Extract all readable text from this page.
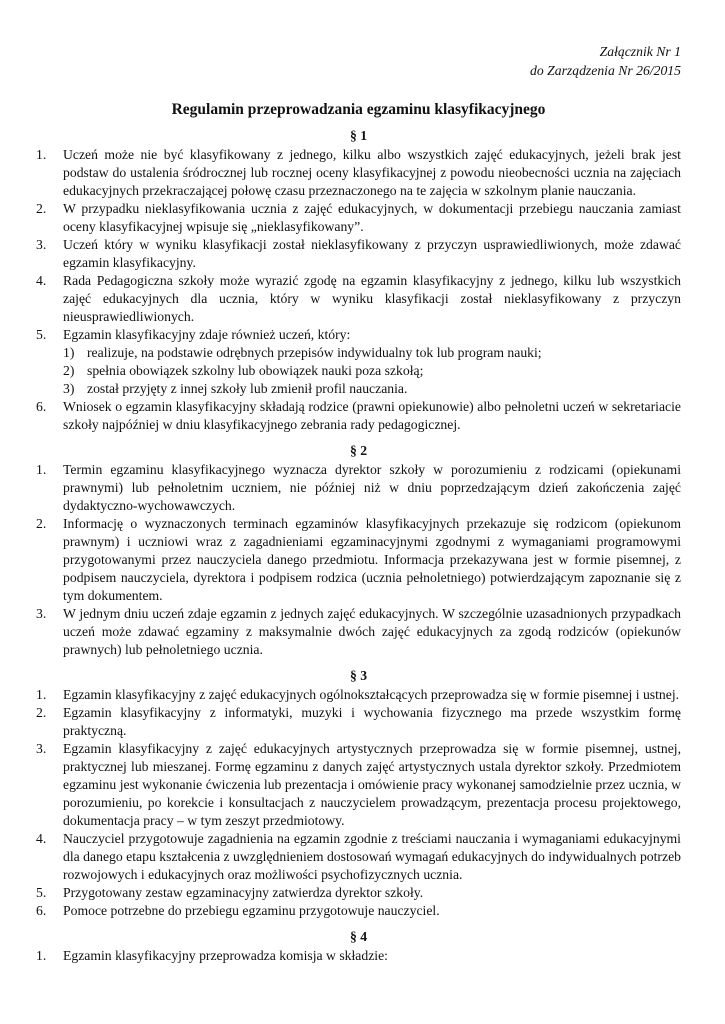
Załącznik Nr 1
do Zarządzenia Nr 26/2015
Regulamin przeprowadzania egzaminu klasyfikacyjnego
§ 1
1. Uczeń może nie być klasyfikowany z jednego, kilku albo wszystkich zajęć edukacyjnych, jeżeli brak jest podstaw do ustalenia śródrocznej lub rocznej oceny klasyfikacyjnej z powodu nieobecności ucznia na zajęciach edukacyjnych przekraczającej połowę czasu przeznaczonego na te zajęcia w szkolnym planie nauczania.
2. W przypadku nieklasyfikowania ucznia z zajęć edukacyjnych, w dokumentacji przebiegu nauczania zamiast oceny klasyfikacyjnej wpisuje się „nieklasyfikowany”.
3. Uczeń który w wyniku klasyfikacji został nieklasyfikowany z przyczyn usprawiedliwionych, może zdawać egzamin klasyfikacyjny.
4. Rada Pedagogiczna szkoły może wyrazić zgodę na egzamin klasyfikacyjny z jednego, kilku lub wszystkich zajęć edukacyjnych dla ucznia, który w wyniku klasyfikacji został nieklasyfikowany z przyczyn nieusprawiedliwionych.
5. Egzamin klasyfikacyjny zdaje również uczeń, który:
1) realizuje, na podstawie odrębnych przepisów indywidualny tok lub program nauki;
2) spełnia obowiązek szkolny lub obowiązek nauki poza szkołą;
3) został przyjęty z innej szkoły lub zmienił profil nauczania.
6. Wniosek o egzamin klasyfikacyjny składają rodzice (prawni opiekunowie) albo pełnoletni uczeń w sekretariacie szkoły najpóźniej w dniu klasyfikacyjnego zebrania rady pedagogicznej.
§ 2
1. Termin egzaminu klasyfikacyjnego wyznacza dyrektor szkoły w porozumieniu z rodzicami (opiekunami prawnymi) lub pełnoletnim uczniem, nie później niż w dniu poprzedzającym dzień zakończenia zajęć dydaktyczno-wychowawczych.
2. Informację o wyznaczonych terminach egzaminów klasyfikacyjnych przekazuje się rodzicom (opiekunom prawnym) i uczniowi wraz z zagadnieniami egzaminacyjnymi zgodnymi z wymaganiami programowymi przygotowanymi przez nauczyciela danego przedmiotu. Informacja przekazywana jest w formie pisemnej, z podpisem nauczyciela, dyrektora i podpisem rodzica (ucznia pełnoletniego) potwierdzającym zapoznanie się z tym dokumentem.
3. W jednym dniu uczeń zdaje egzamin z jednych zajęć edukacyjnych. W szczególnie uzasadnionych przypadkach uczeń może zdawać egzaminy z maksymalnie dwóch zajęć edukacyjnych za zgodą rodziców (opiekunów prawnych) lub pełnoletniego ucznia.
§ 3
1. Egzamin klasyfikacyjny z zajęć edukacyjnych ogólnokształcących przeprowadza się w formie pisemnej i ustnej.
2. Egzamin klasyfikacyjny z informatyki, muzyki i wychowania fizycznego ma przede wszystkim formę praktyczną.
3. Egzamin klasyfikacyjny z zajęć edukacyjnych artystycznych przeprowadza się w formie pisemnej, ustnej, praktycznej lub mieszanej. Formę egzaminu z danych zajęć artystycznych ustala dyrektor szkoły. Przedmiotem egzaminu jest wykonanie ćwiczenia lub prezentacja i omówienie pracy wykonanej samodzielnie przez ucznia, w porozumieniu, po korekcie i konsultacjach z nauczycielem prowadzącym, prezentacja procesu projektowego, dokumentacja pracy – w tym zeszyt przedmiotowy.
4. Nauczyciel przygotowuje zagadnienia na egzamin zgodnie z treściami nauczania i wymaganiami edukacyjnymi dla danego etapu kształcenia z uwzględnieniem dostosowań wymagań edukacyjnych do indywidualnych potrzeb rozwojowych i edukacyjnych oraz możliwości psychofizycznych ucznia.
5. Przygotowany zestaw egzaminacyjny zatwierdza dyrektor szkoły.
6. Pomoce potrzebne do przebiegu egzaminu przygotowuje nauczyciel.
§ 4
1. Egzamin klasyfikacyjny przeprowadza komisja w składzie:
